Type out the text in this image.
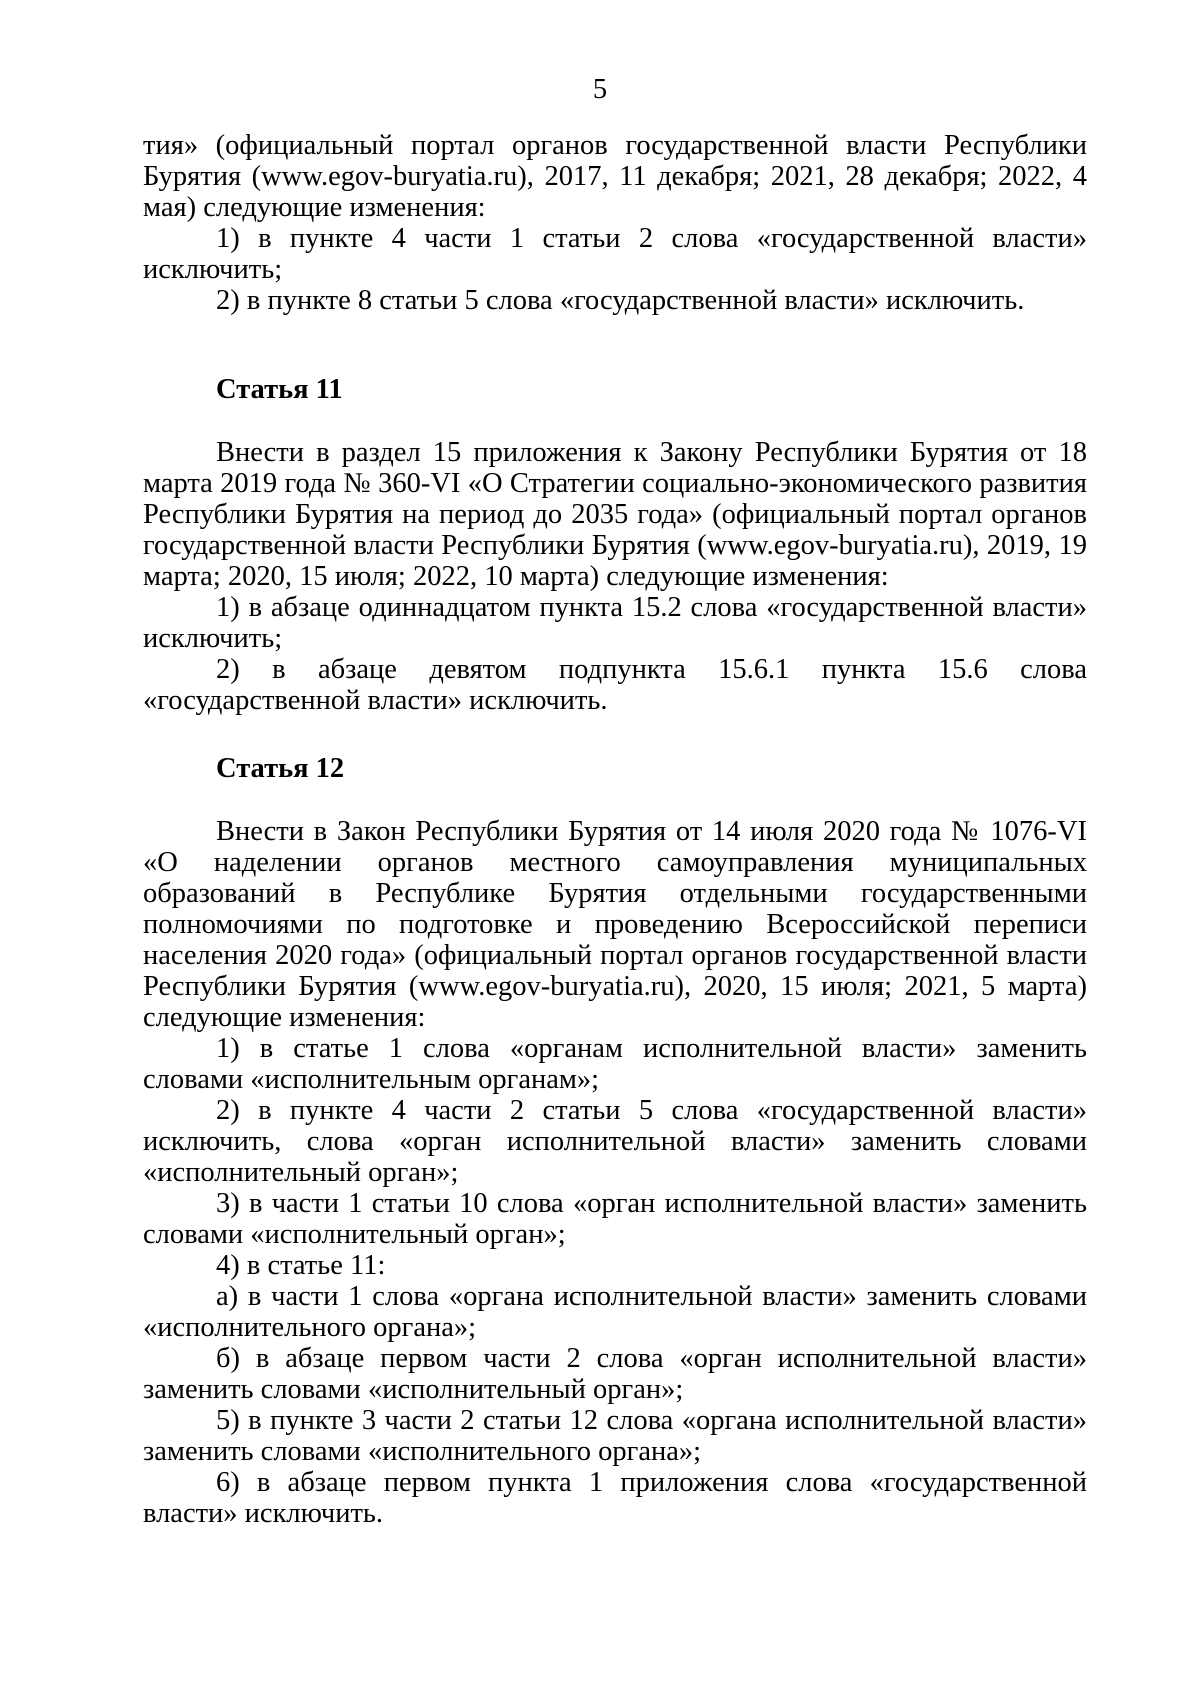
5

тия» (официальный портал органов государственной власти Республики Бурятия (www.egov-buryatia.ru), 2017, 11 декабря; 2021, 28 декабря; 2022, 4 мая) следующие изменения:

1) в пункте 4 части 1 статьи 2 слова «государственной власти» исключить;

2) в пункте 8 статьи 5 слова «государственной власти» исключить.

Статья 11

Внести в раздел 15 приложения к Закону Республики Бурятия от 18 марта 2019 года № 360-VI «О Стратегии социально-экономического развития Республики Бурятия на период до 2035 года» (официальный портал органов государственной власти Республики Бурятия (www.egov-buryatia.ru), 2019, 19 марта; 2020, 15 июля; 2022, 10 марта) следующие изменения:

1) в абзаце одиннадцатом пункта 15.2 слова «государственной власти» исключить;

2) в абзаце девятом подпункта 15.6.1 пункта 15.6 слова «государственной власти» исключить.

Статья 12

Внести в Закон Республики Бурятия от 14 июля 2020 года № 1076-VI «О наделении органов местного самоуправления муниципальных образований в Республике Бурятия отдельными государственными полномочиями по подготовке и проведению Всероссийской переписи населения 2020 года» (официальный портал органов государственной власти Республики Бурятия (www.egov-buryatia.ru), 2020, 15 июля; 2021, 5 марта) следующие изменения:

1) в статье 1 слова «органам исполнительной власти» заменить словами «исполнительным органам»;

2) в пункте 4 части 2 статьи 5 слова «государственной власти» исключить, слова «орган исполнительной власти» заменить словами «исполнительный орган»;

3) в части 1 статьи 10 слова «орган исполнительной власти» заменить словами «исполнительный орган»;

4) в статье 11:

а) в части 1 слова «органа исполнительной власти» заменить словами «исполнительного органа»;

б) в абзаце первом части 2 слова «орган исполнительной власти» заменить словами «исполнительный орган»;

5) в пункте 3 части 2 статьи 12 слова «органа исполнительной власти» заменить словами «исполнительного органа»;

6) в абзаце первом пункта 1 приложения слова «государственной власти» исключить.
